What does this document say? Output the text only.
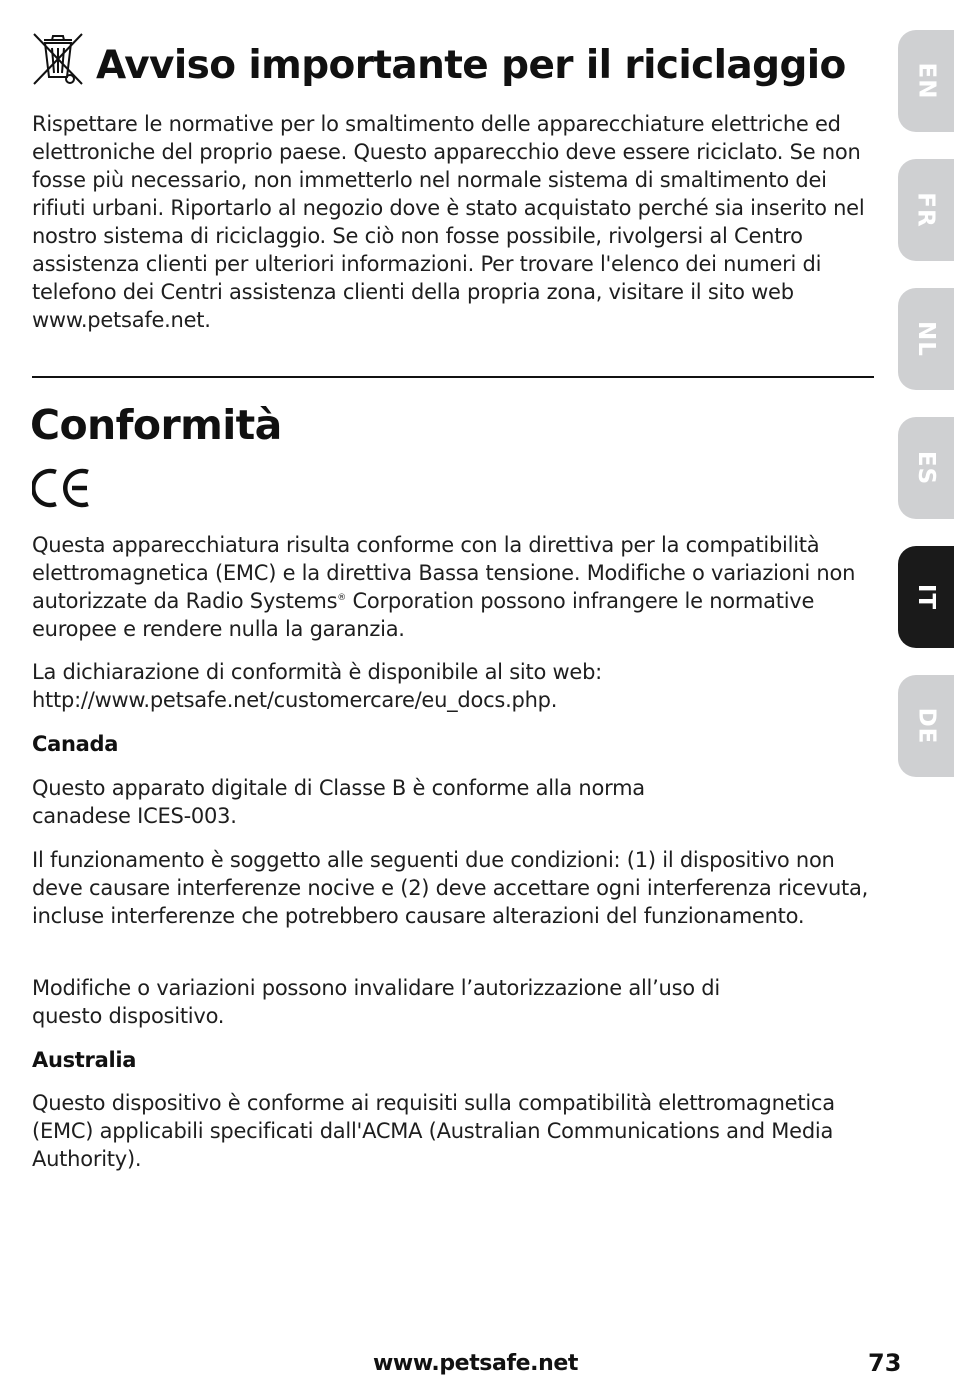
Avviso importante per il riciclaggio

Rispettare le normative per lo smaltimento delle apparecchiature elettriche ed elettroniche del proprio paese. Questo apparecchio deve essere riciclato. Se non fosse più necessario, non immetterlo nel normale sistema di smaltimento dei rifiuti urbani. Riportarlo al negozio dove è stato acquistato perché sia inserito nel nostro sistema di riciclaggio. Se ciò non fosse possibile, rivolgersi al Centro assistenza clienti per ulteriori informazioni. Per trovare l'elenco dei numeri di telefono dei Centri assistenza clienti della propria zona, visitare il sito web www.petsafe.net.

Conformità

Questa apparecchiatura risulta conforme con la direttiva per la compatibilità elettromagnetica (EMC) e la direttiva Bassa tensione. Modifiche o variazioni non autorizzate da Radio Systems® Corporation possono infrangere le normative europee e rendere nulla la garanzia.

La dichiarazione di conformità è disponibile al sito web:
http://www.petsafe.net/customercare/eu_docs.php.

Canada

Questo apparato digitale di Classe B è conforme alla norma
canadese ICES-003.

Il funzionamento è soggetto alle seguenti due condizioni: (1) il dispositivo non deve causare interferenze nocive e (2) deve accettare ogni interferenza ricevuta, incluse interferenze che potrebbero causare alterazioni del funzionamento.

Modifiche o variazioni possono invalidare l’autorizzazione all’uso di
questo dispositivo.

Australia

Questo dispositivo è conforme ai requisiti sulla compatibilità elettromagnetica (EMC) applicabili specificati dall'ACMA (Australian Communications and Media Authority).

EN
FR
NL
ES
IT
DE
www.petsafe.net	73
